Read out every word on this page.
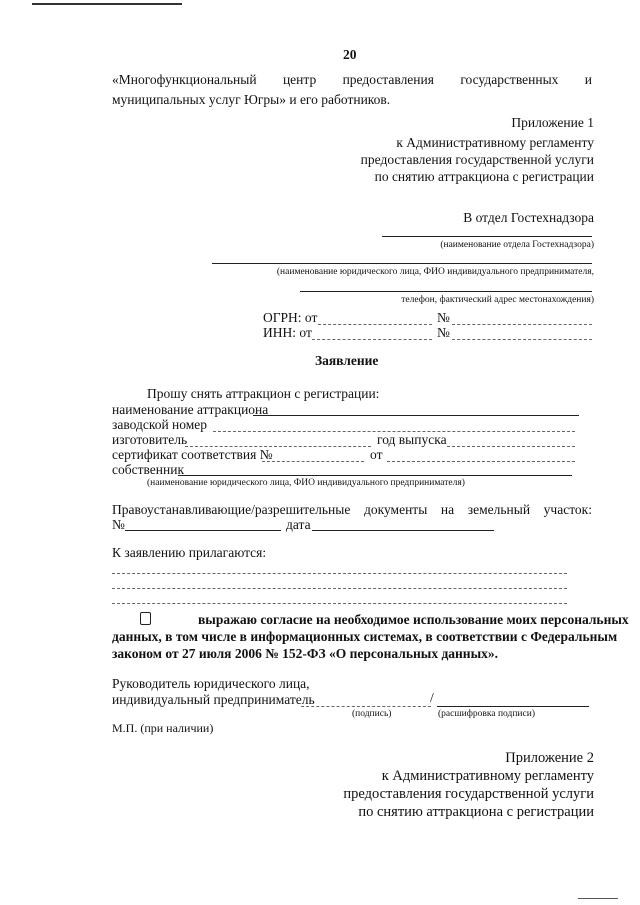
20
«Многофункциональный центр предоставления государственных и
муниципальных услуг Югры» и его работников.
Приложение 1
к Административному регламенту
предоставления государственной услуги
по снятию аттракциона с регистрации
В отдел Гостехнадзора
(наименование отдела Гостехнадзора)
(наименование юридического лица, ФИО индивидуального предпринимателя,
телефон, фактический адрес местонахождения)
ОГРН: от	№
ИНН: от	№
Заявление
Прошу снять аттракцион с регистрации:
наименование аттракциона
заводской номер
изготовитель	год выпуска
сертификат соответствия №	от
собственник
(наименование юридического лица, ФИО индивидуального предпринимателя)
Правоустанавливающие/разрешительные документы на земельный участок:
№	дата
К заявлению прилагаются:
выражаю согласие на необходимое использование моих персональных
данных, в том числе в информационных системах, в соответствии с Федеральным
законом от 27 июля 2006 № 152-ФЗ «О персональных данных».
Руководитель юридического лица,
индивидуальный предприниматель	/
(подпись)	(расшифровка подписи)
М.П. (при наличии)
Приложение 2
к Административному регламенту
предоставления государственной услуги
по снятию аттракциона с регистрации
